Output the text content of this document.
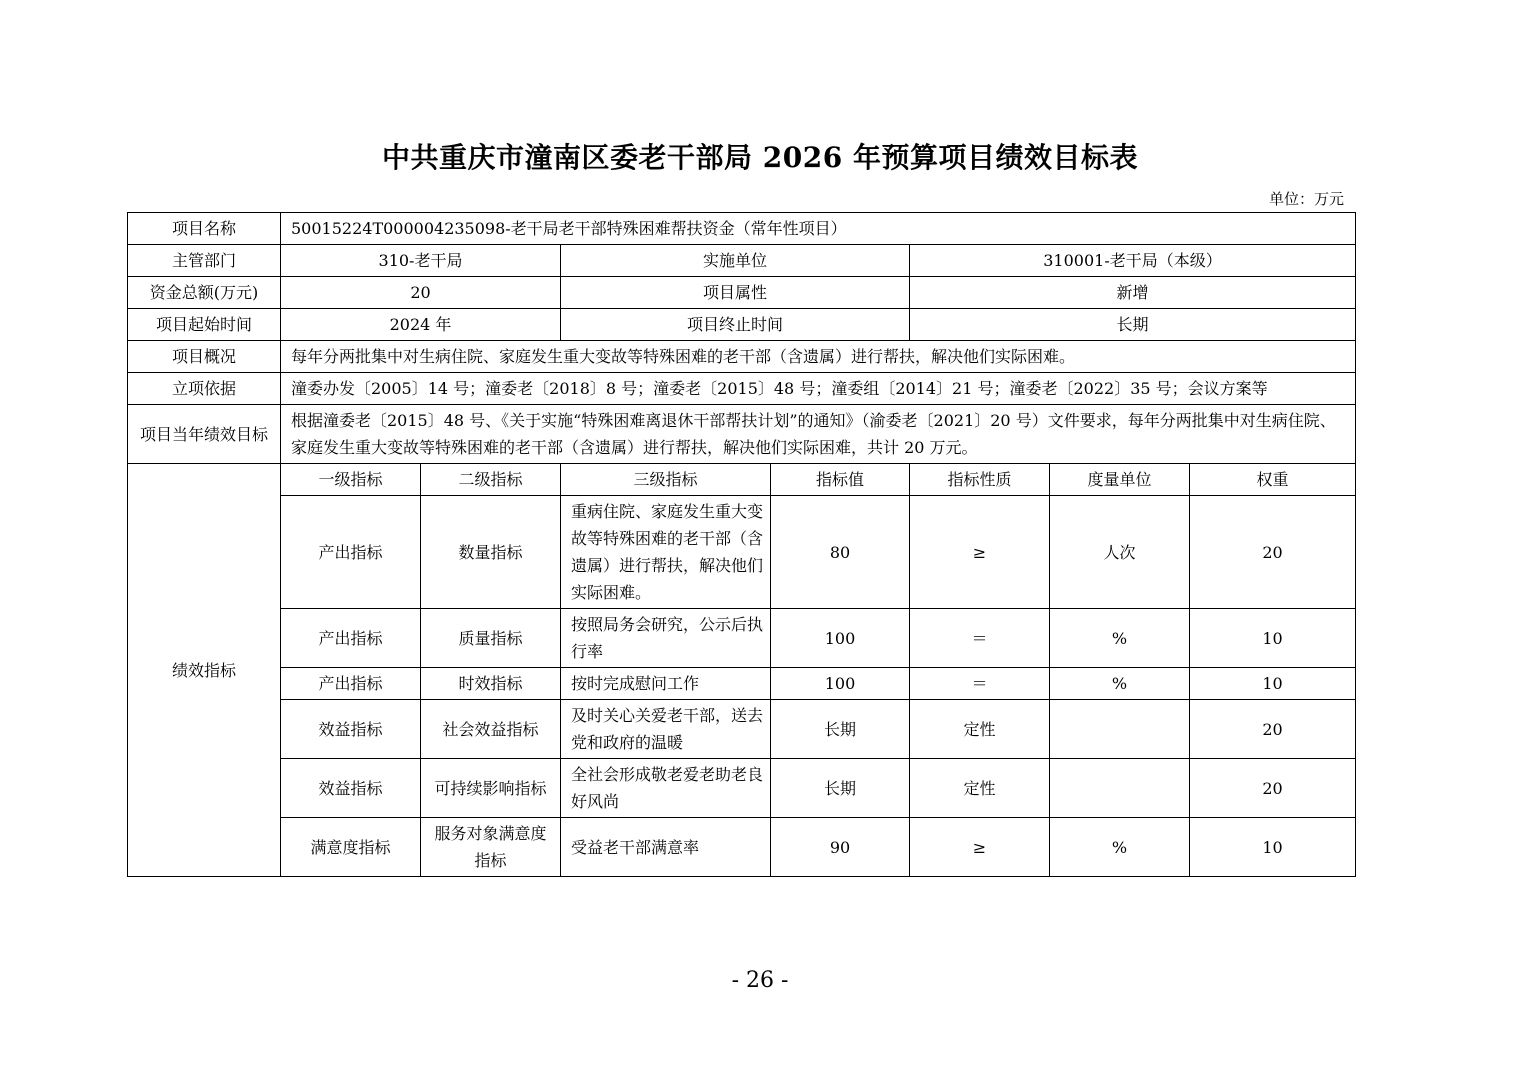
中共重庆市潼南区委老干部局 2026 年预算项目绩效目标表
单位：万元
项目名称	50015224T000004235098-老干局老干部特殊困难帮扶资金（常年性项目）						
主管部门	310-老干局		实施单位		310001-老干局（本级）		
资金总额(万元)	20		项目属性		新增		
项目起始时间	2024 年		项目终止时间		长期		
项目概况	每年分两批集中对生病住院、家庭发生重大变故等特殊困难的老干部（含遗属）进行帮扶，解决他们实际困难。						
立项依据	潼委办发〔2005〕14 号；潼委老〔2018〕8 号；潼委老〔2015〕48 号；潼委组〔2014〕21 号；潼委老〔2022〕35 号；会议方案等						
项目当年绩效目标	根据潼委老〔2015〕48 号、《关于实施“特殊困难离退休干部帮扶计划”的通知》（渝委老〔2021〕20 号）文件要求，每年分两批集中对生病住院、家庭发生重大变故等特殊困难的老干部（含遗属）进行帮扶，解决他们实际困难，共计 20 万元。						
绩效指标	一级指标	二级指标	三级指标	指标值	指标性质	度量单位	权重
	产出指标	数量指标	重病住院、家庭发生重大变故等特殊困难的老干部（含遗属）进行帮扶，解决他们实际困难。	80	≥	人次	20
	产出指标	质量指标	按照局务会研究，公示后执行率	100	＝	%	10
	产出指标	时效指标	按时完成慰问工作	100	＝	%	10
	效益指标	社会效益指标	及时关心关爱老干部，送去党和政府的温暖	长期	定性		20
	效益指标	可持续影响指标	全社会形成敬老爱老助老良好风尚	长期	定性		20
	满意度指标	服务对象满意度指标	受益老干部满意率	90	≥	%	10
- 26 -
